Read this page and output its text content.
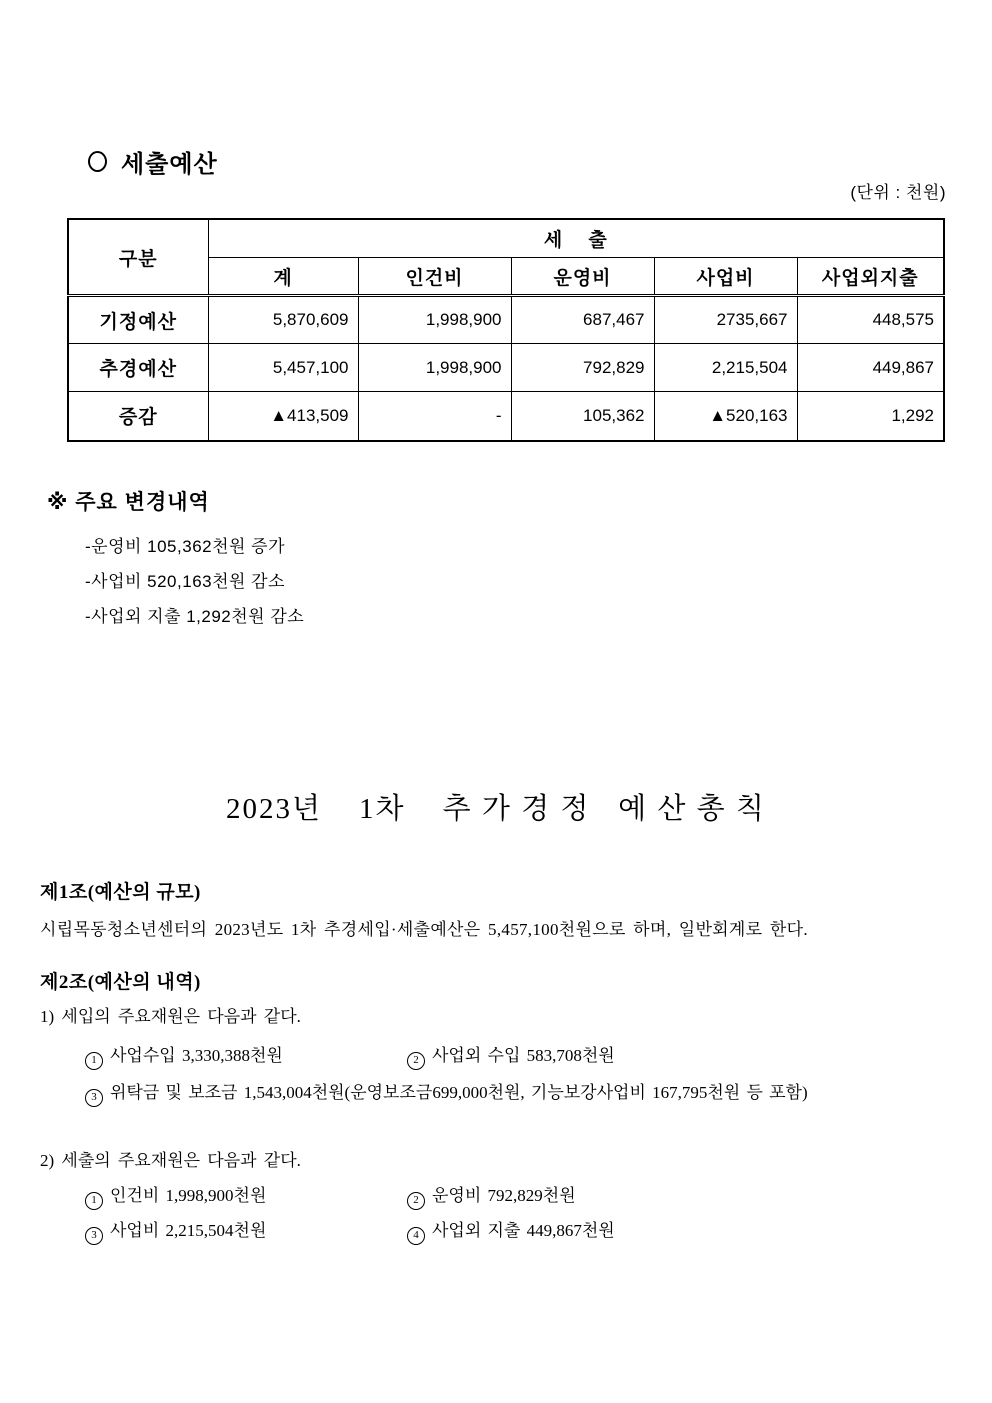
세출예산
(단위 : 천원)
구분	세    출				
	계	인건비	운영비	사업비	사업외지출
기정예산	5,870,609	1,998,900	687,467	2735,667	448,575
추경예산	5,457,100	1,998,900	792,829	2,215,504	449,867
증감	▲413,509	-	105,362	▲520,163	1,292
※ 주요 변경내역
-운영비 105,362천원 증가
-사업비 520,163천원 감소
-사업외 지출 1,292천원 감소
2023년    1차    추 가 경 정   예 산 총 칙
제1조(예산의 규모)
시립목동청소년센터의 2023년도 1차 추경세입·세출예산은 5,457,100천원으로 하며, 일반회계로 한다.
제2조(예산의 내역)
1) 세입의 주요재원은 다음과 같다.
1 사업수입 3,330,388천원	2 사업외 수입 583,708천원
3 위탁금 및 보조금 1,543,004천원(운영보조금699,000천원, 기능보강사업비 167,795천원 등 포함)
2) 세출의 주요재원은 다음과 같다.
1 인건비 1,998,900천원	2 운영비 792,829천원
3 사업비 2,215,504천원	4 사업외 지출 449,867천원
